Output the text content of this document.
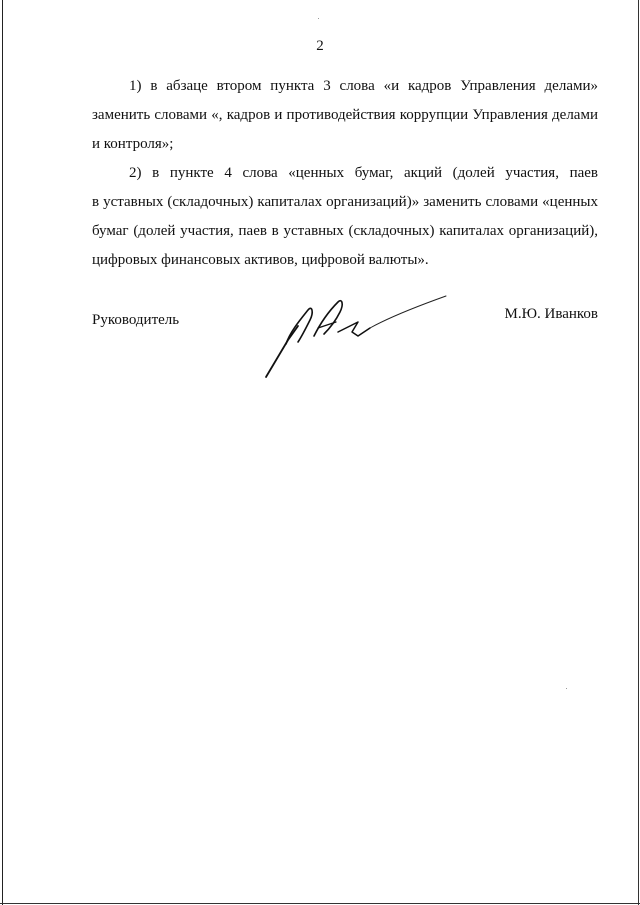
2

1) в абзаце втором пункта 3 слова «и кадров Управления делами»
заменить словами «, кадров и противодействия коррупции Управления делами
и контроля»;

2) в пункте 4 слова «ценных бумаг, акций (долей участия, паев
в уставных (складочных) капиталах организаций)» заменить словами «ценных
бумаг (долей участия, паев в уставных (складочных) капиталах организаций),
цифровых финансовых активов, цифровой валюты».

Руководитель	М.Ю. Иванков
